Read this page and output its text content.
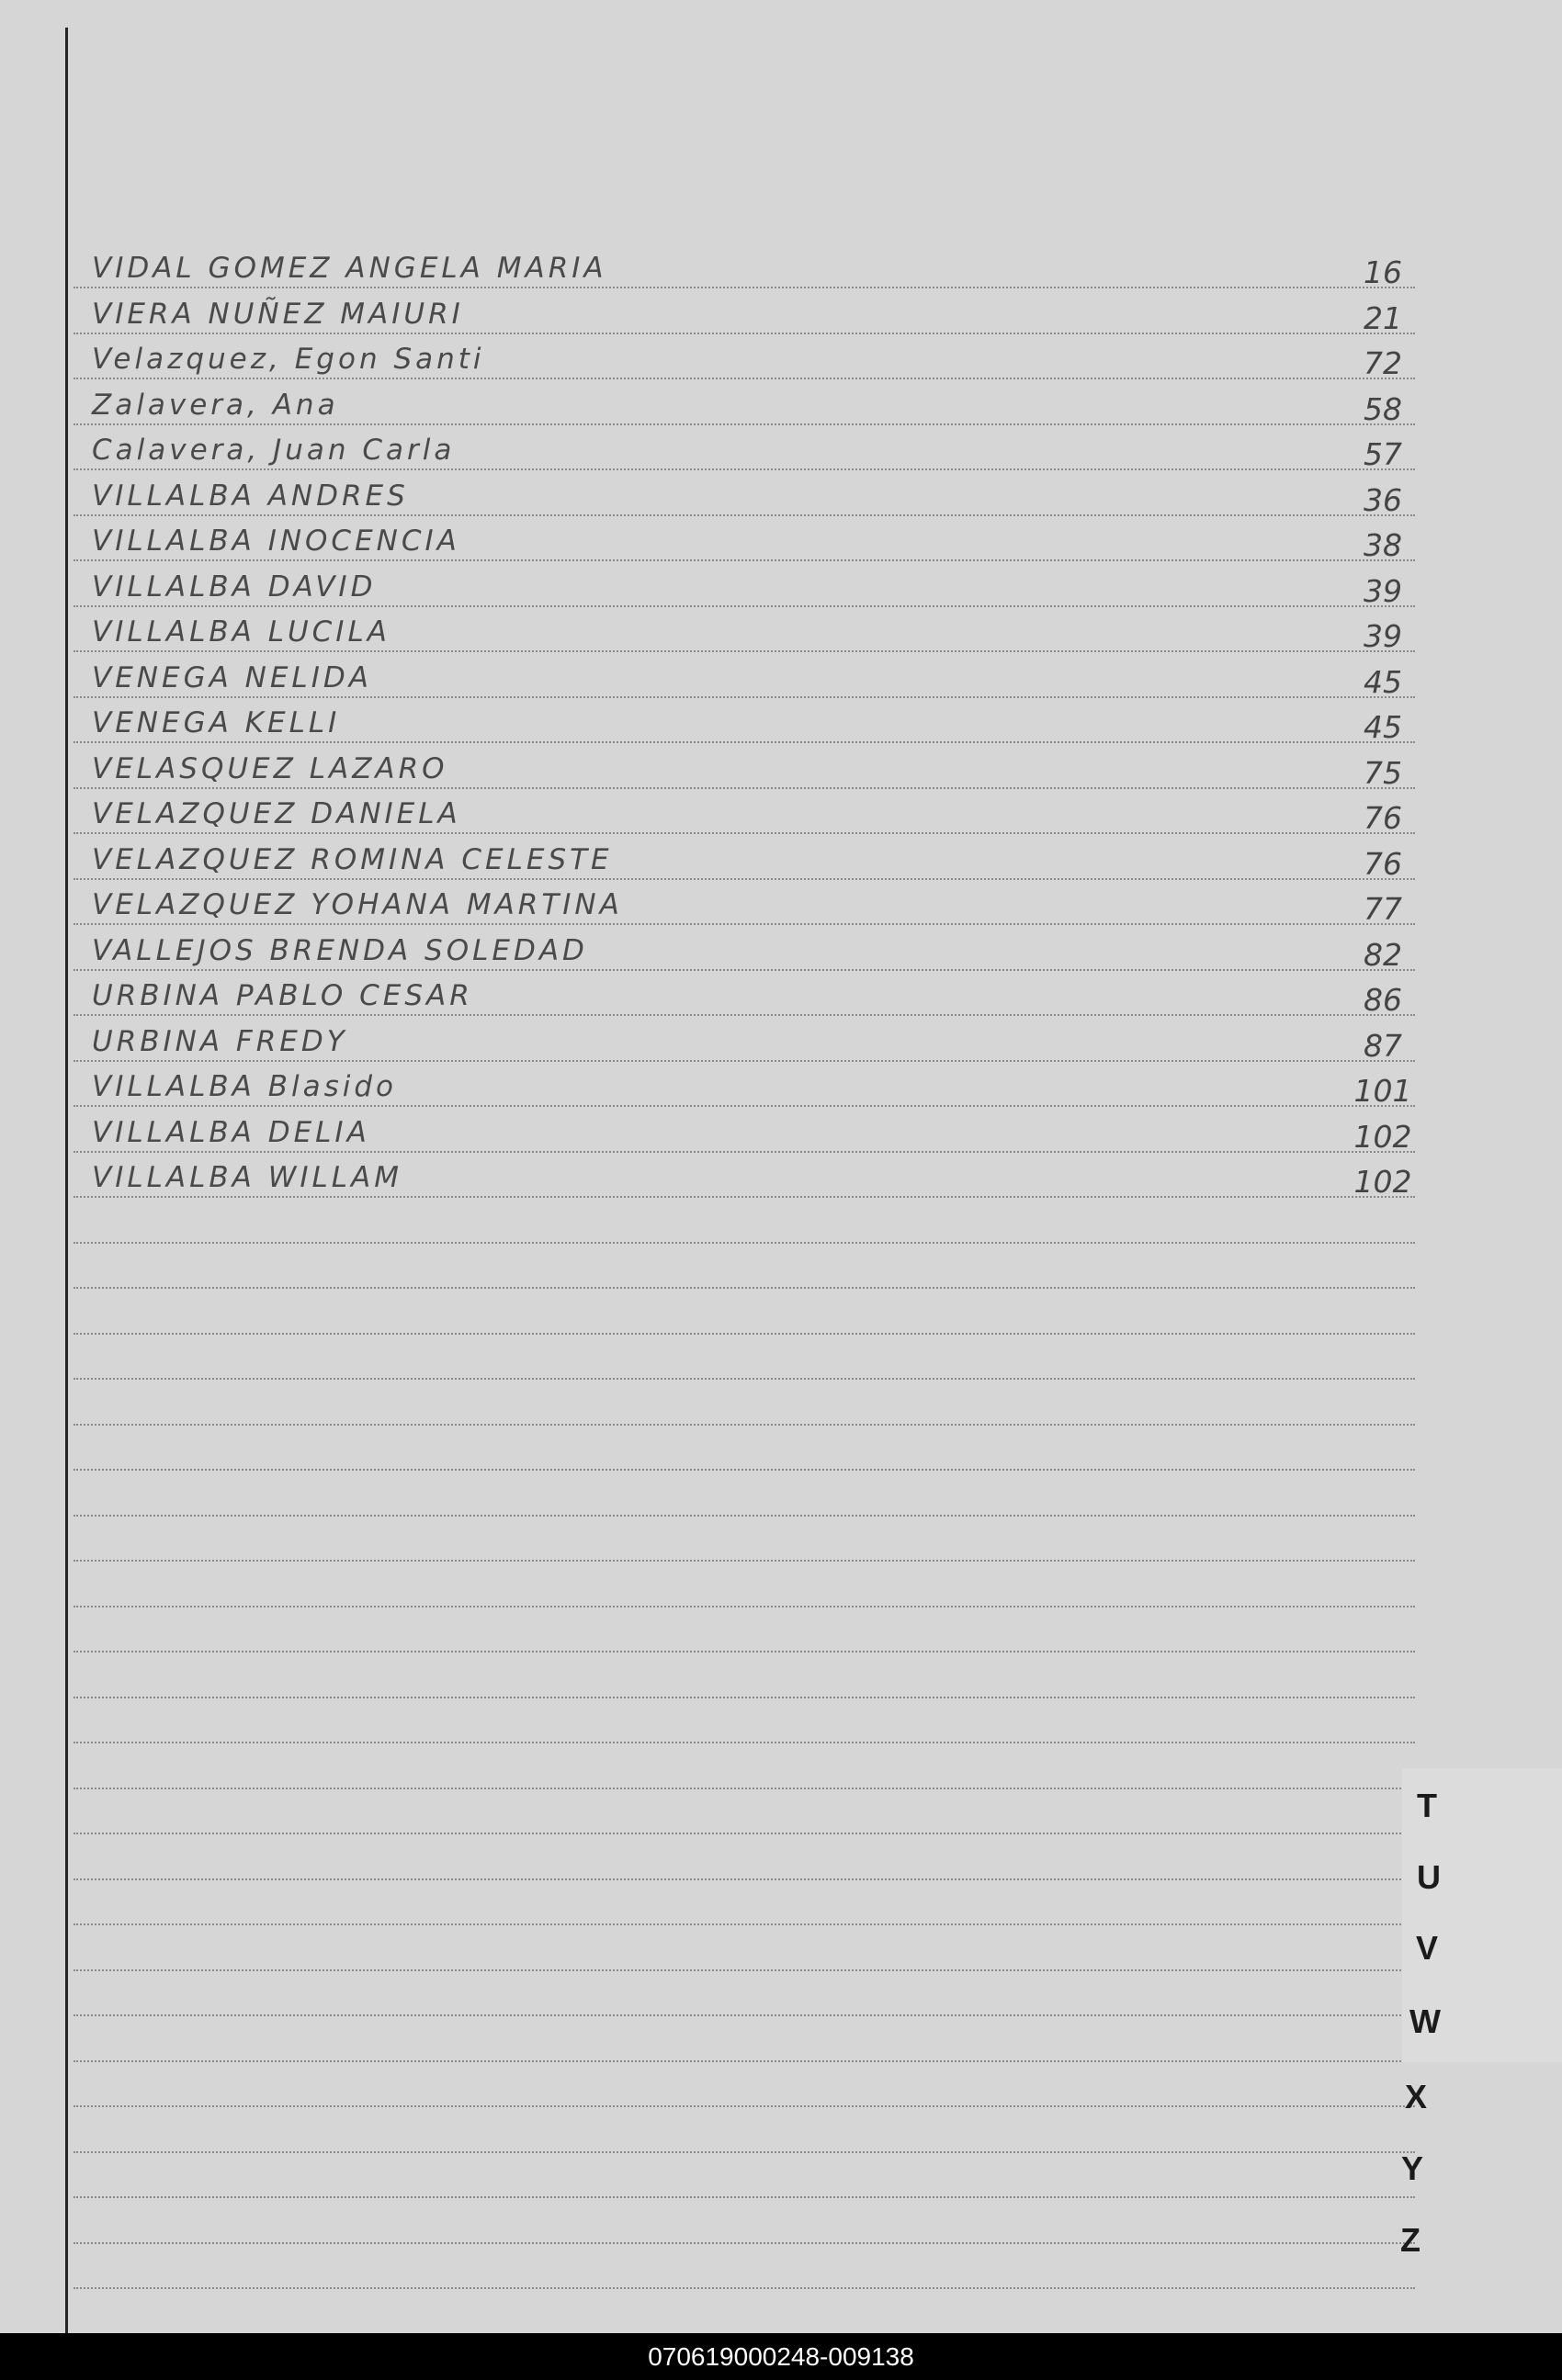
VIDAL GOMEZ ANGELA MARIA	16
VIERA NUÑEZ MAIURI	21
Velazquez, Egon Santi	72
Zalavera, Ana	58
Calavera, Juan Carla	57
VILLALBA ANDRES	36
VILLALBA INOCENCIA	38
VILLALBA DAVID	39
VILLALBA LUCILA	39
VENEGA NELIDA	45
VENEGA KELLI	45
VELASQUEZ LAZARO	75
VELAZQUEZ DANIELA	76
VELAZQUEZ ROMINA CELESTE	76
VELAZQUEZ YOHANA MARTINA	77
VALLEJOS BRENDA SOLEDAD	82
URBINA PABLO CESAR	86
URBINA FREDY	87
VILLALBA Blasido	101
VILLALBA DELIA	102
VILLALBA WILLAM	102
T
U
V
W
X
Y
Z
070619000248-009138
